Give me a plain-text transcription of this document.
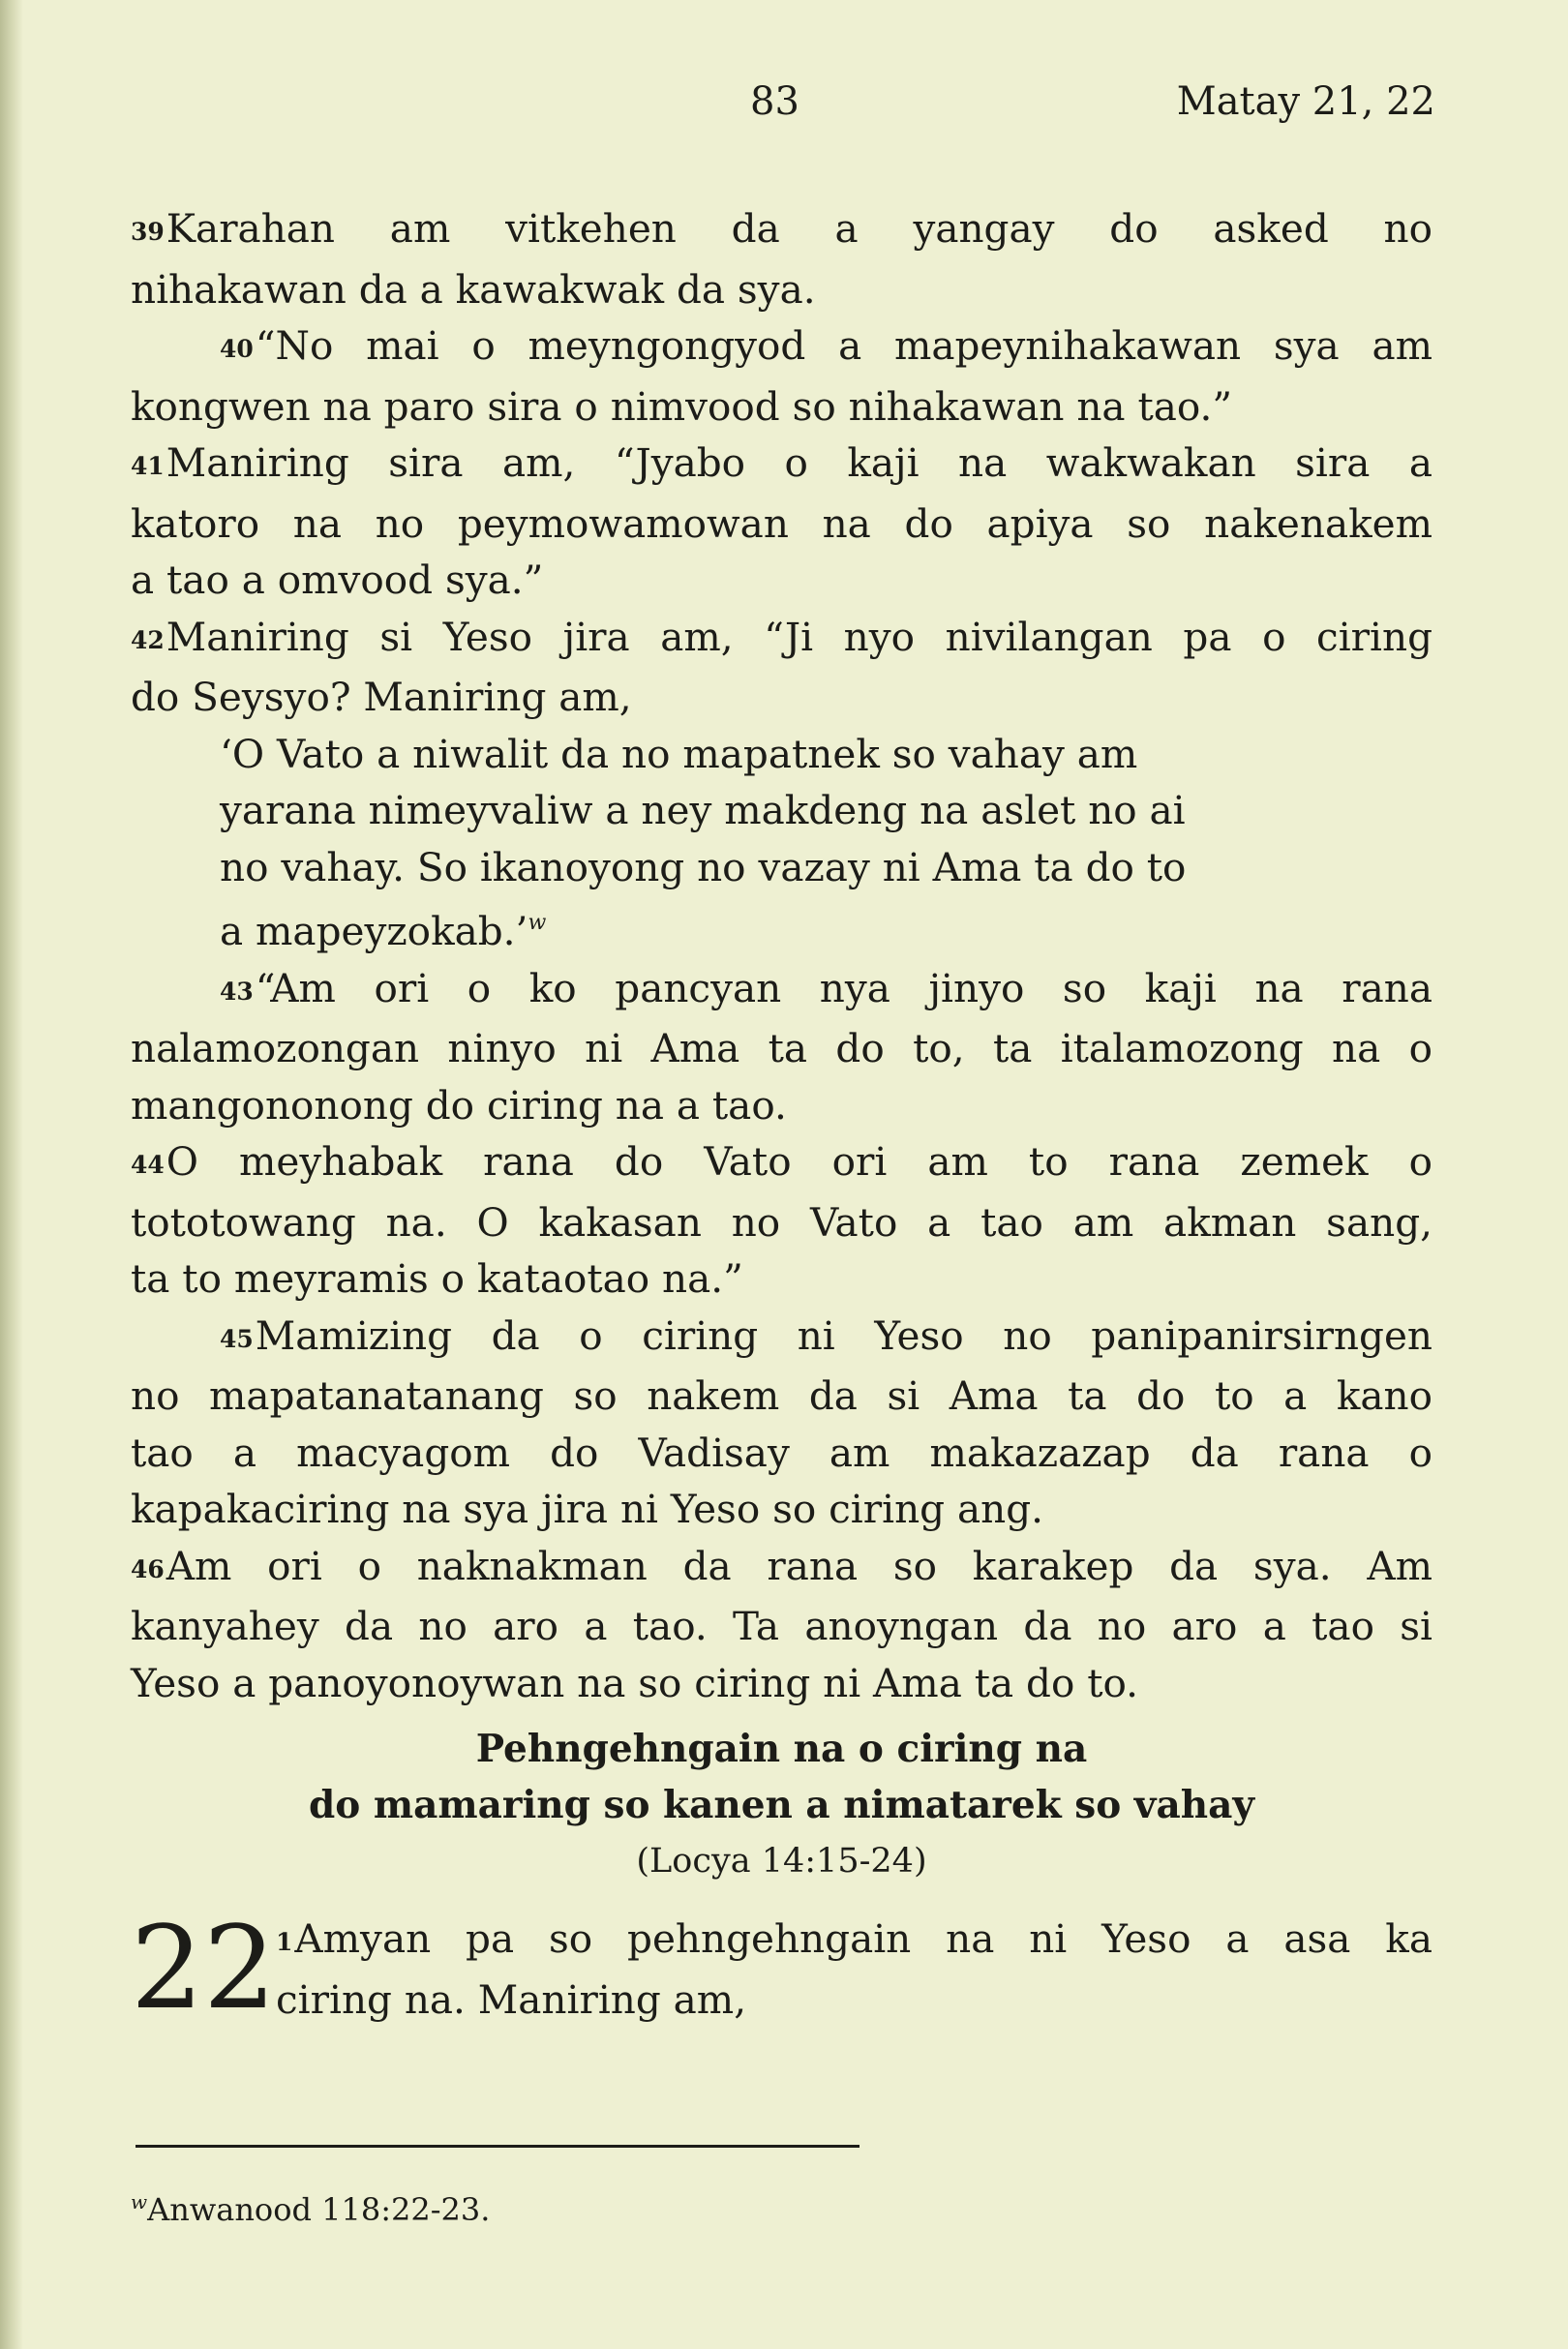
83	Matay 21, 22

39Karahan am vitkehen da a yangay do asked no

nihakawan da a kawakwak da sya.

40“No mai o meyngongyod a mapeynihakawan sya am

kongwen na paro sira o nimvood so nihakawan na tao.”

41Maniring sira am, “Jyabo o kaji na wakwakan sira a

katoro na no peymowamowan na do apiya so nakenakem

a tao a omvood sya.”

42Maniring si Yeso jira am, “Ji nyo nivilangan pa o ciring

do Seysyo? Maniring am,

‘O Vato a niwalit da no mapatnek so vahay am

yarana nimeyvaliw a ney makdeng na aslet no ai

no vahay. So ikanoyong no vazay ni Ama ta do to

a mapeyzokab.’$^w$

43“Am ori o ko pancyan nya jinyo so kaji na rana

nalamozongan ninyo ni Ama ta do to, ta italamozong na o

mangononong do ciring na a tao.

44O meyhabak rana do Vato ori am to rana zemek o

tototowang na. O kakasan no Vato a tao am akman sang,

ta to meyramis o kataotao na.”

45Mamizing da o ciring ni Yeso no panipanirsirngen

no mapatanatanang so nakem da si Ama ta do to a kano

tao a macyagom do Vadisay am makazazap da rana o

kapakaciring na sya jira ni Yeso so ciring ang.

46Am ori o naknakman da rana so karakep da sya. Am

kanyahey da no aro a tao. Ta anoyngan da no aro a tao si

Yeso a panoyonoywan na so ciring ni Ama ta do to.

Pehngehngain na o ciring na

do mamaring so kanen a nimatarek so vahay

(Locya 14:15-24)

22 1Amyan pa so pehngehngain na ni Yeso a asa ka

ciring na. Maniring am,

$^w$Anwanood 118:22-23.
